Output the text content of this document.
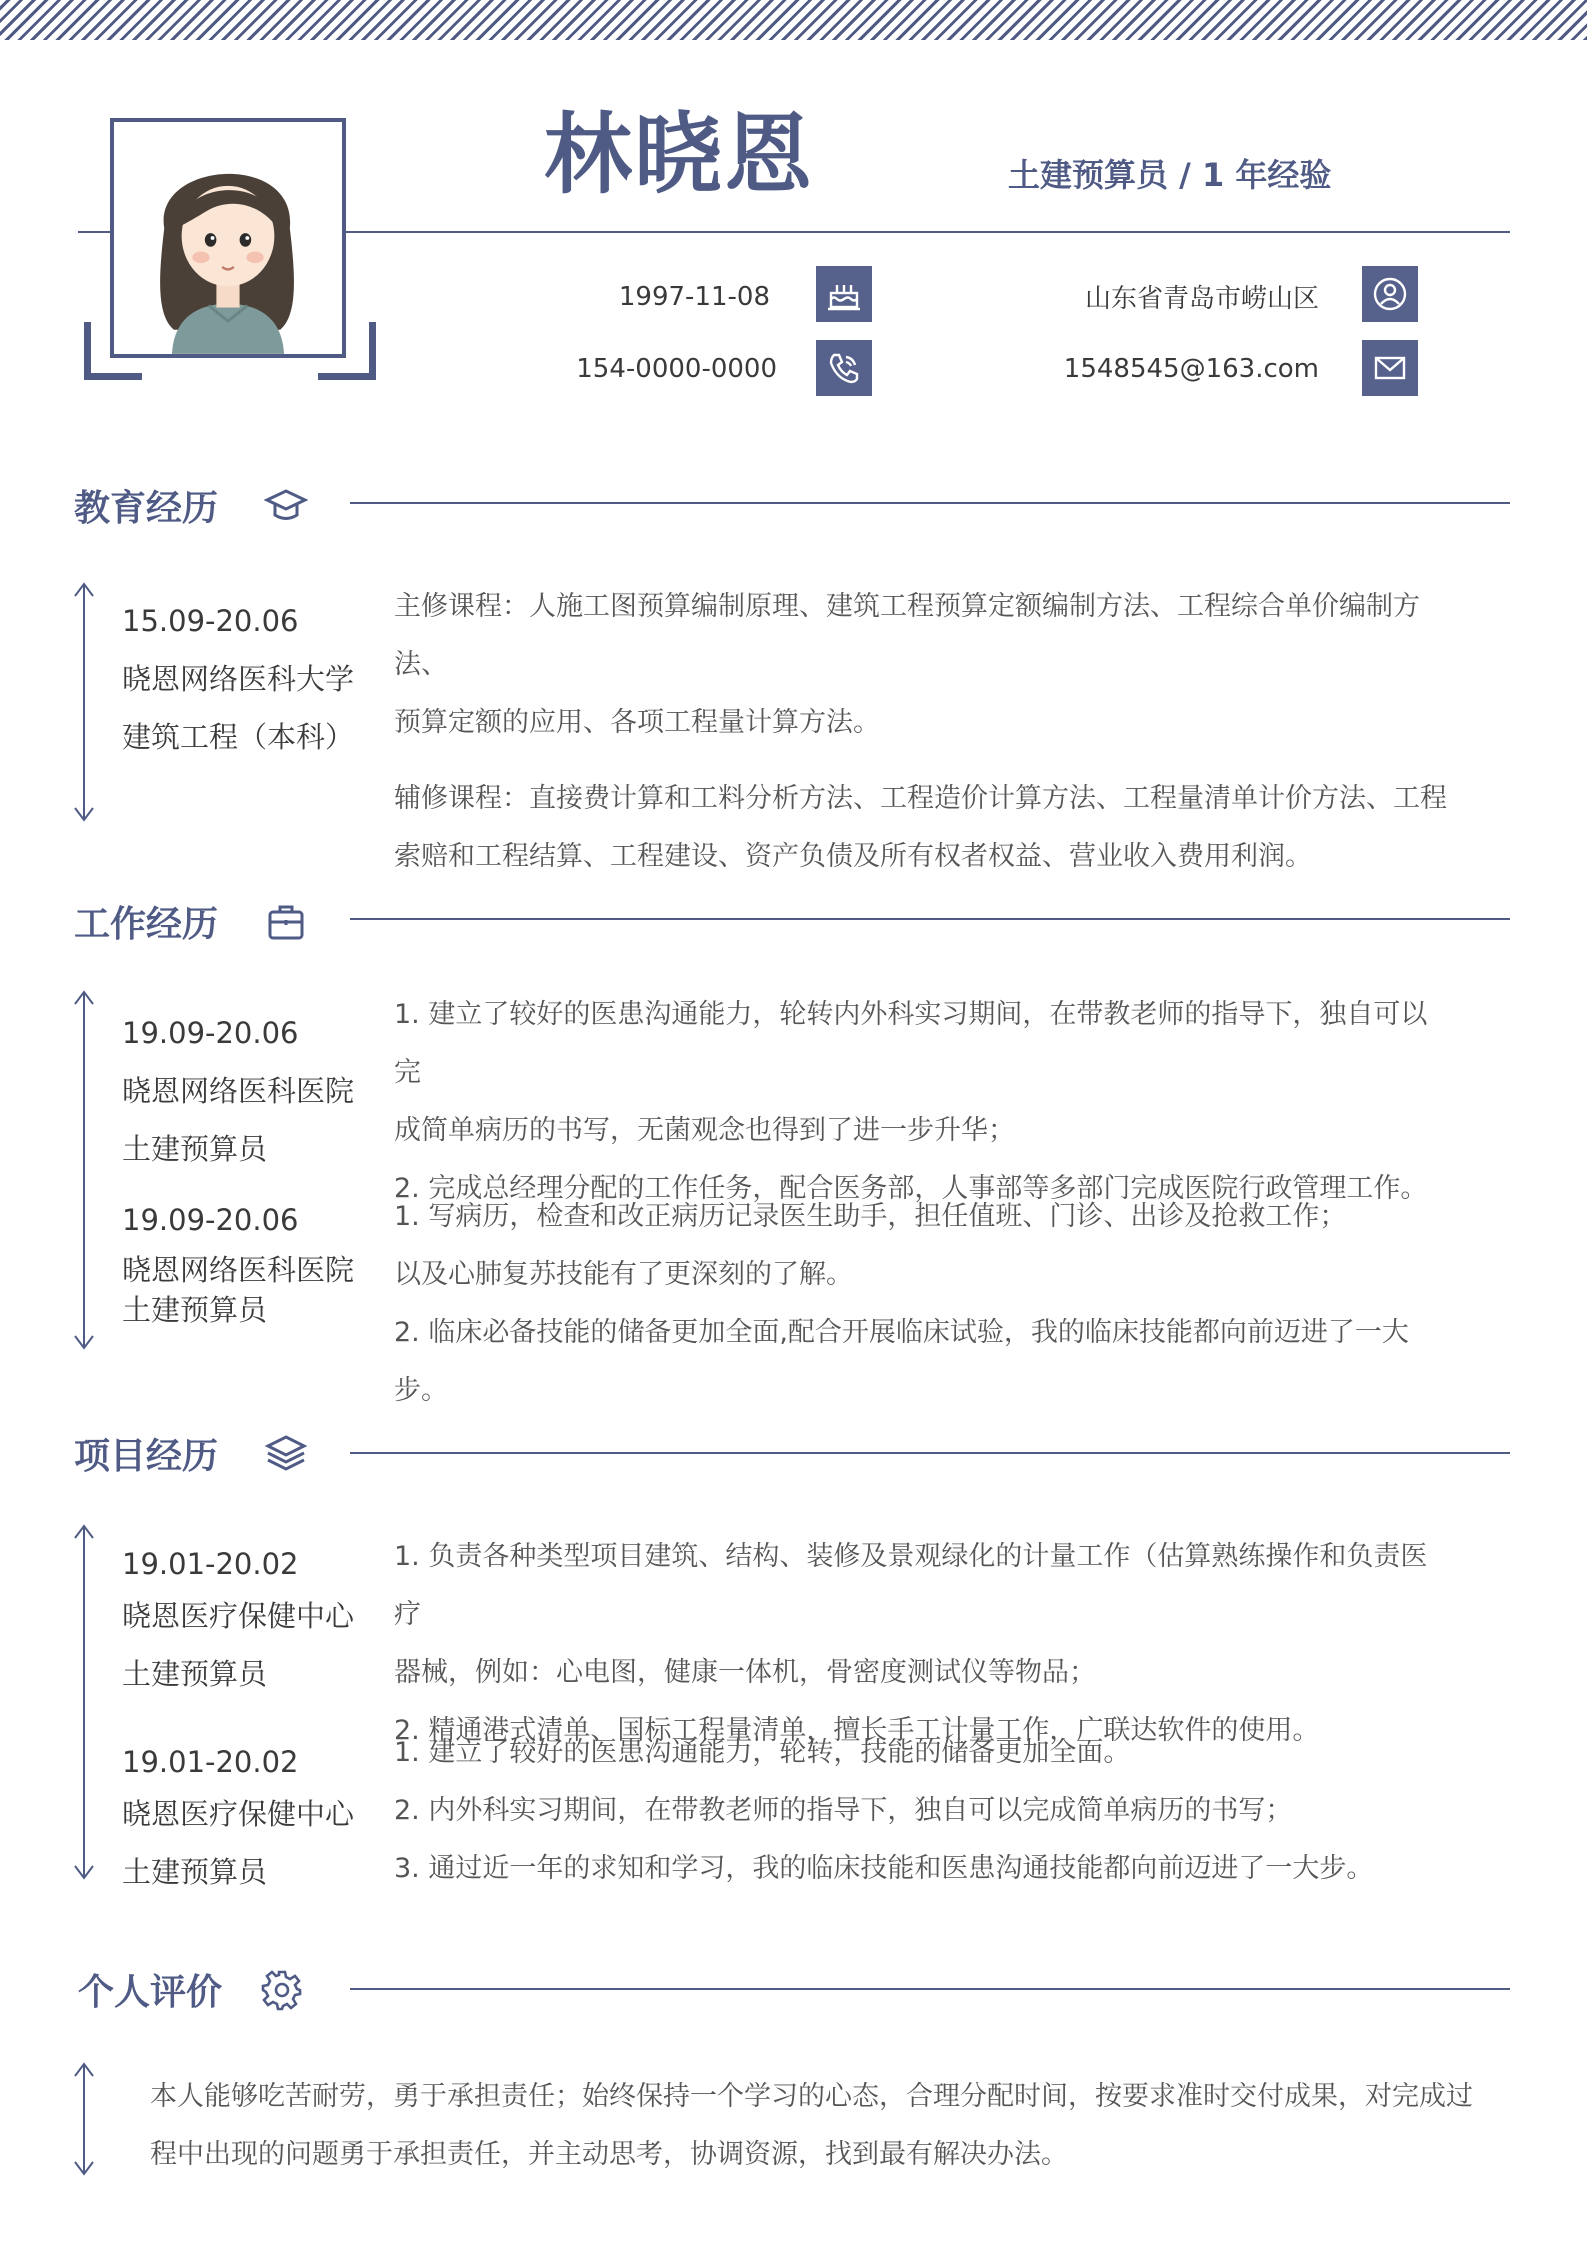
林晓恩	土建预算员 / 1 年经验
1997-11-08	山东省青岛市崂山区
154-0000-0000	1548545@163.com
教育经历
15.09-20.06
晓恩网络医科大学
建筑工程（本科）

主修课程：人施工图预算编制原理、建筑工程预算定额编制方法、工程综合单价编制方法、

预算定额的应用、各项工程量计算方法。

辅修课程：直接费计算和工料分析方法、工程造价计算方法、工程量清单计价方法、工程

索赔和工程结算、工程建设、资产负债及所有权者权益、营业收入费用利润。

工作经历
19.09-20.06
晓恩网络医科医院
土建预算员

1. 建立了较好的医患沟通能力，轮转内外科实习期间，在带教老师的指导下，独自可以完

成简单病历的书写，无菌观念也得到了进一步升华；

2. 完成总经理分配的工作任务，配合医务部，人事部等多部门完成医院行政管理工作。

19.09-20.06
晓恩网络医科医院
土建预算员

1. 写病历，检查和改正病历记录医生助手，担任值班、门诊、出诊及抢救工作；

以及心肺复苏技能有了更深刻的了解。

2. 临床必备技能的储备更加全面,配合开展临床试验，我的临床技能都向前迈进了一大步。

项目经历
19.01-20.02
晓恩医疗保健中心
土建预算员

1. 负责各种类型项目建筑、结构、装修及景观绿化的计量工作（估算熟练操作和负责医疗

器械，例如：心电图，健康一体机，骨密度测试仪等物品；

2. 精通港式清单、国标工程量清单，擅长手工计量工作，广联达软件的使用。

19.01-20.02
晓恩医疗保健中心
土建预算员

1. 建立了较好的医患沟通能力，轮转，技能的储备更加全面。

2. 内外科实习期间，在带教老师的指导下，独自可以完成简单病历的书写；

3. 通过近一年的求知和学习，我的临床技能和医患沟通技能都向前迈进了一大步。

个人评价

本人能够吃苦耐劳，勇于承担责任；始终保持一个学习的心态，合理分配时间，按要求准时交付成果，对完成过

程中出现的问题勇于承担责任，并主动思考，协调资源，找到最有解决办法。
